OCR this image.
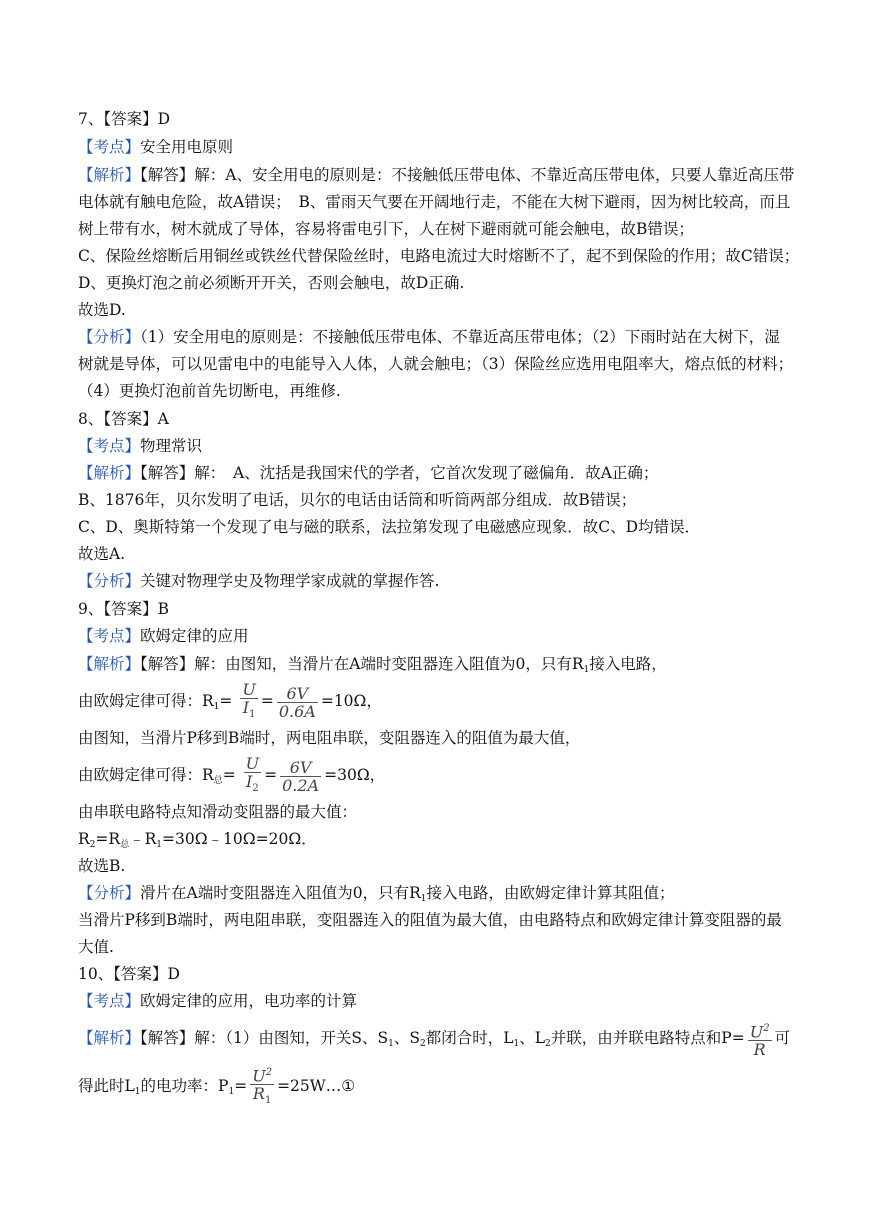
7、【答案】D
【考点】安全用电原则
【解析】【解答】解：A、安全用电的原则是：不接触低压带电体、不靠近高压带电体，只要人靠近高压带
电体就有触电危险，故A错误；　B、雷雨天气要在开阔地行走，不能在大树下避雨，因为树比较高，而且
树上带有水，树木就成了导体，容易将雷电引下，人在树下避雨就可能会触电，故B错误；
C、保险丝熔断后用铜丝或铁丝代替保险丝时，电路电流过大时熔断不了，起不到保险的作用；故C错误；
D、更换灯泡之前必须断开开关，否则会触电，故D正确.
故选D.
【分析】（1）安全用电的原则是：不接触低压带电体、不靠近高压带电体；（2）下雨时站在大树下，湿
树就是导体，可以见雷电中的电能导入人体，人就会触电；（3）保险丝应选用电阻率大，熔点低的材料；
（4）更换灯泡前首先切断电，再维修.
8、【答案】A
【考点】物理常识
【解析】【解答】解：　A、沈括是我国宋代的学者，它首次发现了磁偏角．故A正确；
B、1876年，贝尔发明了电话，贝尔的电话由话筒和听筒两部分组成．故B错误；
C、D、奥斯特第一个发现了电与磁的联系，法拉第发现了电磁感应现象．故C、D均错误．
故选A.
【分析】关键对物理学史及物理学家成就的掌握作答.
9、【答案】B
【考点】欧姆定律的应用
【解析】【解答】解：由图知，当滑片在A端时变阻器连入阻值为0，只有$R_1$接入电路，
由欧姆定律可得：$R_1= \frac{U}{I_1} = \frac{6V}{0.6A} =10\Omega$，
由图知，当滑片P移到B端时，两电阻串联，变阻器连入的阻值为最大值，
由欧姆定律可得：$R_总= \frac{U}{I_2} = \frac{6V}{0.2A} =30\Omega$，
由串联电路特点知滑动变阻器的最大值：
$R_2=R_总﹣R_1=30\Omega﹣10\Omega=20\Omega$．
故选B.
【分析】滑片在A端时变阻器连入阻值为0，只有$R_1$接入电路，由欧姆定律计算其阻值；
当滑片P移到B端时，两电阻串联，变阻器连入的阻值为最大值，由电路特点和欧姆定律计算变阻器的最
大值.
10、【答案】D
【考点】欧姆定律的应用，电功率的计算
【解析】【解答】解：（1）由图知，开关S、$S_1$、$S_2$都闭合时，$L_1$、$L_2$并联，由并联电路特点和$P= \frac{U^2}{R}$ 可
得此时$L_1$的电功率：$P_1= \frac{U^2}{R_1}$ =25W…①
